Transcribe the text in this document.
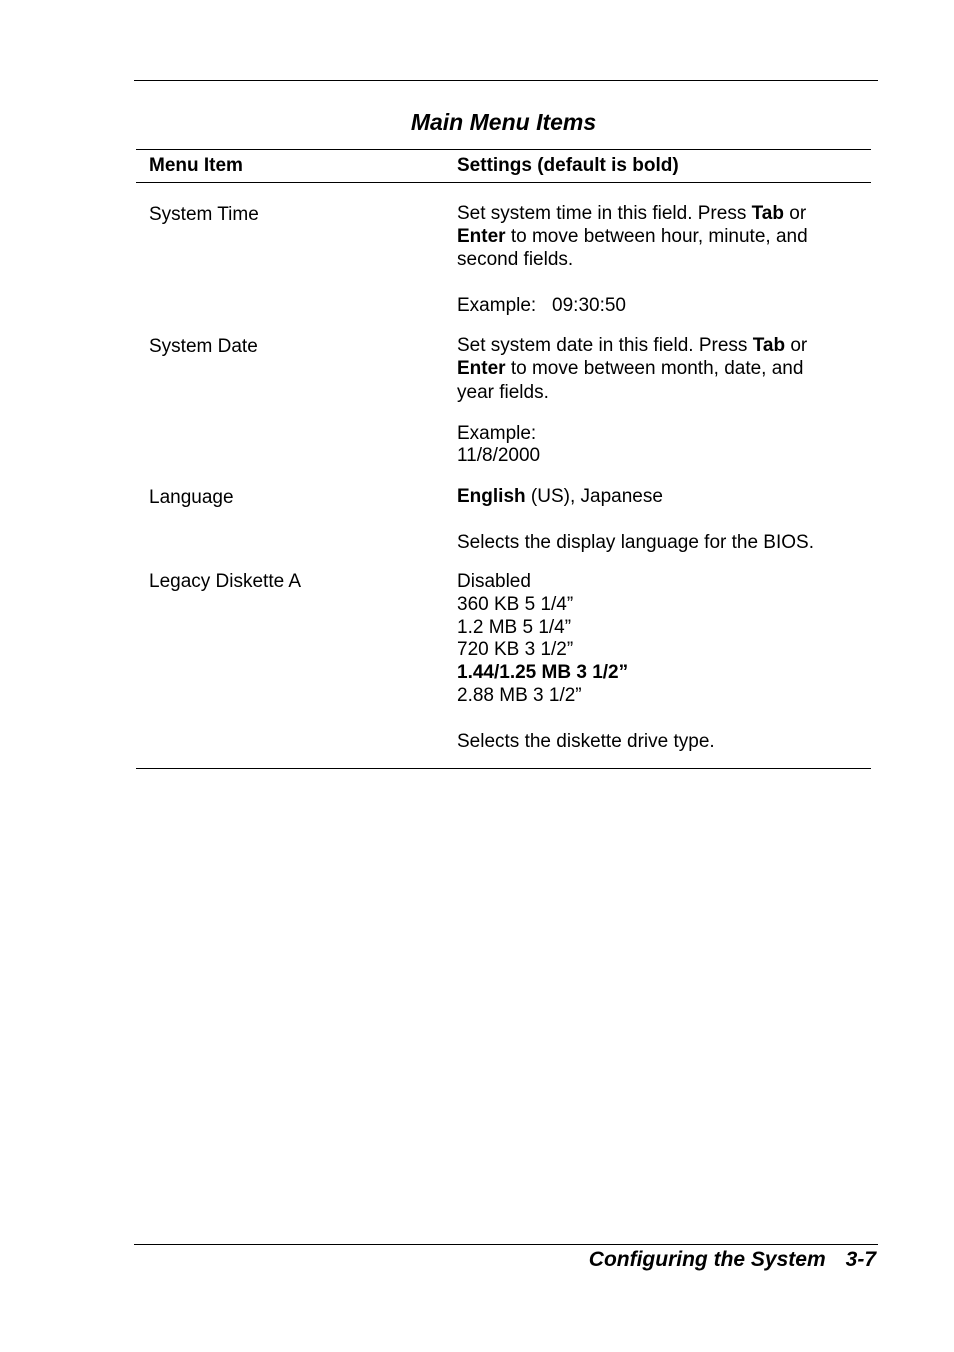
Main Menu Items
Menu Item	Settings (default is bold)

System Time	Set system time in this field. Press Tab or

Enter to move between hour, minute, and

second fields.

Example:   09:30:50

System Date	Set system date in this field. Press Tab or

Enter to move between month, date, and

year fields.

Example:

11/8/2000

Language	English (US), Japanese

Selects the display language for the BIOS.

Legacy Diskette A	Disabled

360 KB 5 1/4”

1.2 MB 5 1/4”

720 KB 3 1/2”

1.44/1.25 MB 3 1/2”

2.88 MB 3 1/2”

Selects the diskette drive type.

Configuring the System 3-7
